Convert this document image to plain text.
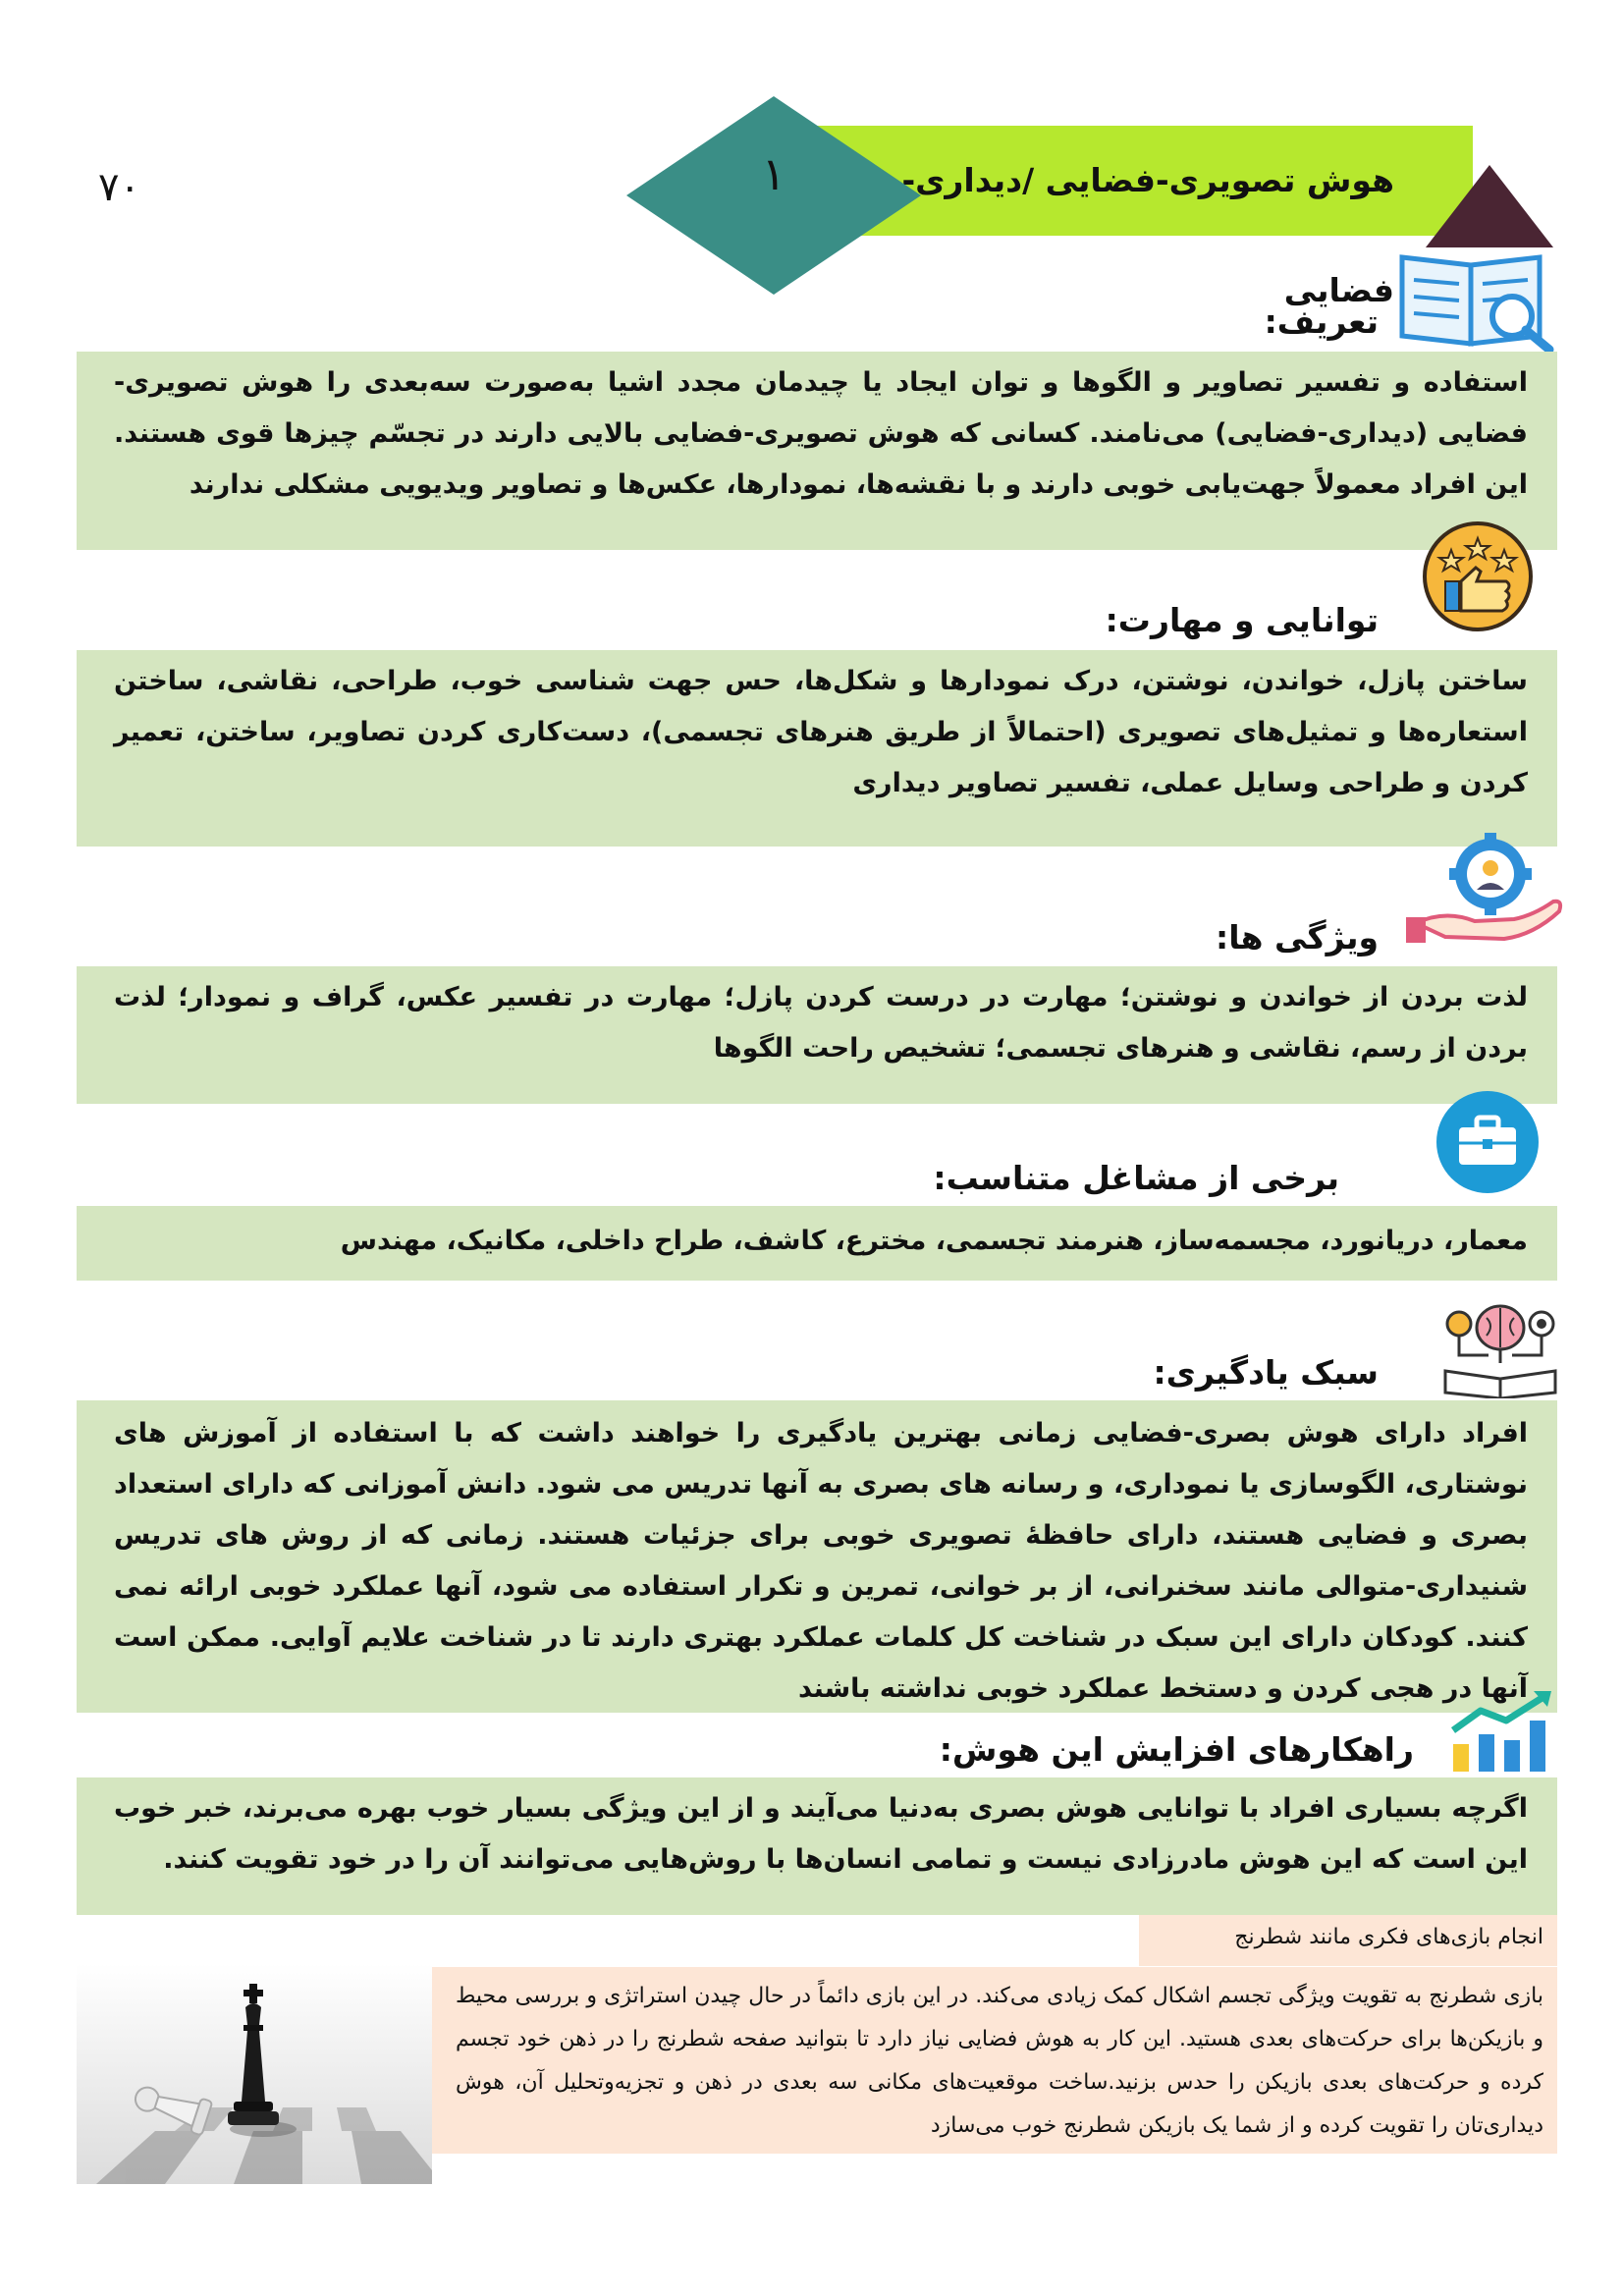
۷۰	هوش تصویری-فضایی /دیداری-فضایی
۱
تعریف:
استفاده و تفسیر تصاویر و الگوها و توان ایجاد یا چیدمان مجدد اشیا به‌صورت سه‌بعدی را هوش تصویری-فضایی (دیداری-فضایی) می‌نامند. کسانی که هوش تصویری-فضایی بالایی دارند در تجسّم چیزها قوی هستند. این افراد معمولاً جهت‌یابی خوبی دارند و با نقشه‌ها، نمودارها، عکس‌ها و تصاویر ویدیویی مشکلی ندارند
توانایی و مهارت:
ساختن پازل، خواندن، نوشتن، درک نمودارها و شکل‌ها، حس جهت شناسی خوب، طراحی، نقاشی، ساختن استعاره‌ها و تمثیل‌های تصویری (احتمالاً از طریق هنرهای تجسمی)، دست‌کاری کردن تصاویر، ساختن، تعمیر کردن و طراحی وسایل عملی، تفسیر تصاویر دیداری
ویژگی ها:
لذت بردن از خواندن و نوشتن؛ مهارت در درست کردن پازل؛ مهارت در تفسیر عکس، گراف و نمودار؛ لذت بردن از رسم، نقاشی و هنرهای تجسمی؛ تشخیص راحت الگوها
برخی از مشاغل متناسب:
معمار، دریانورد، مجسمه‌ساز، هنرمند تجسمی، مخترع، کاشف، طراح داخلی، مکانیک، مهندس
سبک یادگیری:
افراد دارای هوش بصری-فضایی زمانی بهترین یادگیری را خواهند داشت که با استفاده از آموزش های نوشتاری، الگوسازی یا نموداری، و رسانه های بصری به آنها تدریس می شود. دانش آموزانی که دارای استعداد بصری و فضایی هستند، دارای حافظهٔ تصویری خوبی برای جزئیات هستند. زمانی که از روش های تدریس شنیداری-متوالی مانند سخنرانی، از بر خوانی، تمرین و تکرار استفاده می شود، آنها عملکرد خوبی ارائه نمی کنند. کودکان دارای این سبک در شناخت کل کلمات عملکرد بهتری دارند تا در شناخت علایم آوایی. ممکن است آنها در هجی کردن و دستخط عملکرد خوبی نداشته باشند
راهکارهای افزایش این هوش:
اگرچه بسیاری افراد با توانایی هوش بصری به‌دنیا می‌آیند و از این ویژگی بسیار خوب بهره می‌برند، خبر خوب این است که این هوش مادرزادی نیست و تمامی انسان‌ها با روش‌هایی می‌توانند آن را در خود تقویت کنند.
انجام بازی‌های فکری مانند شطرنج
بازی شطرنج به تقویت ویژگی تجسم اشکال کمک زیادی می‌کند. در این بازی دائماً در حال چیدن استراتژی و بررسی محیط و بازیکن‌ها برای حرکت‌های بعدی هستید. این کار به هوش فضایی نیاز دارد تا بتوانید صفحه شطرنج را در ذهن خود تجسم کرده و حرکت‌های بعدی بازیکن را حدس بزنید.ساخت موقعیت‌های مکانی سه بعدی در ذهن و تجزیه‌وتحلیل آن، هوش دیداری‌تان را تقویت کرده و از شما یک بازیکن شطرنج خوب می‌سازد
